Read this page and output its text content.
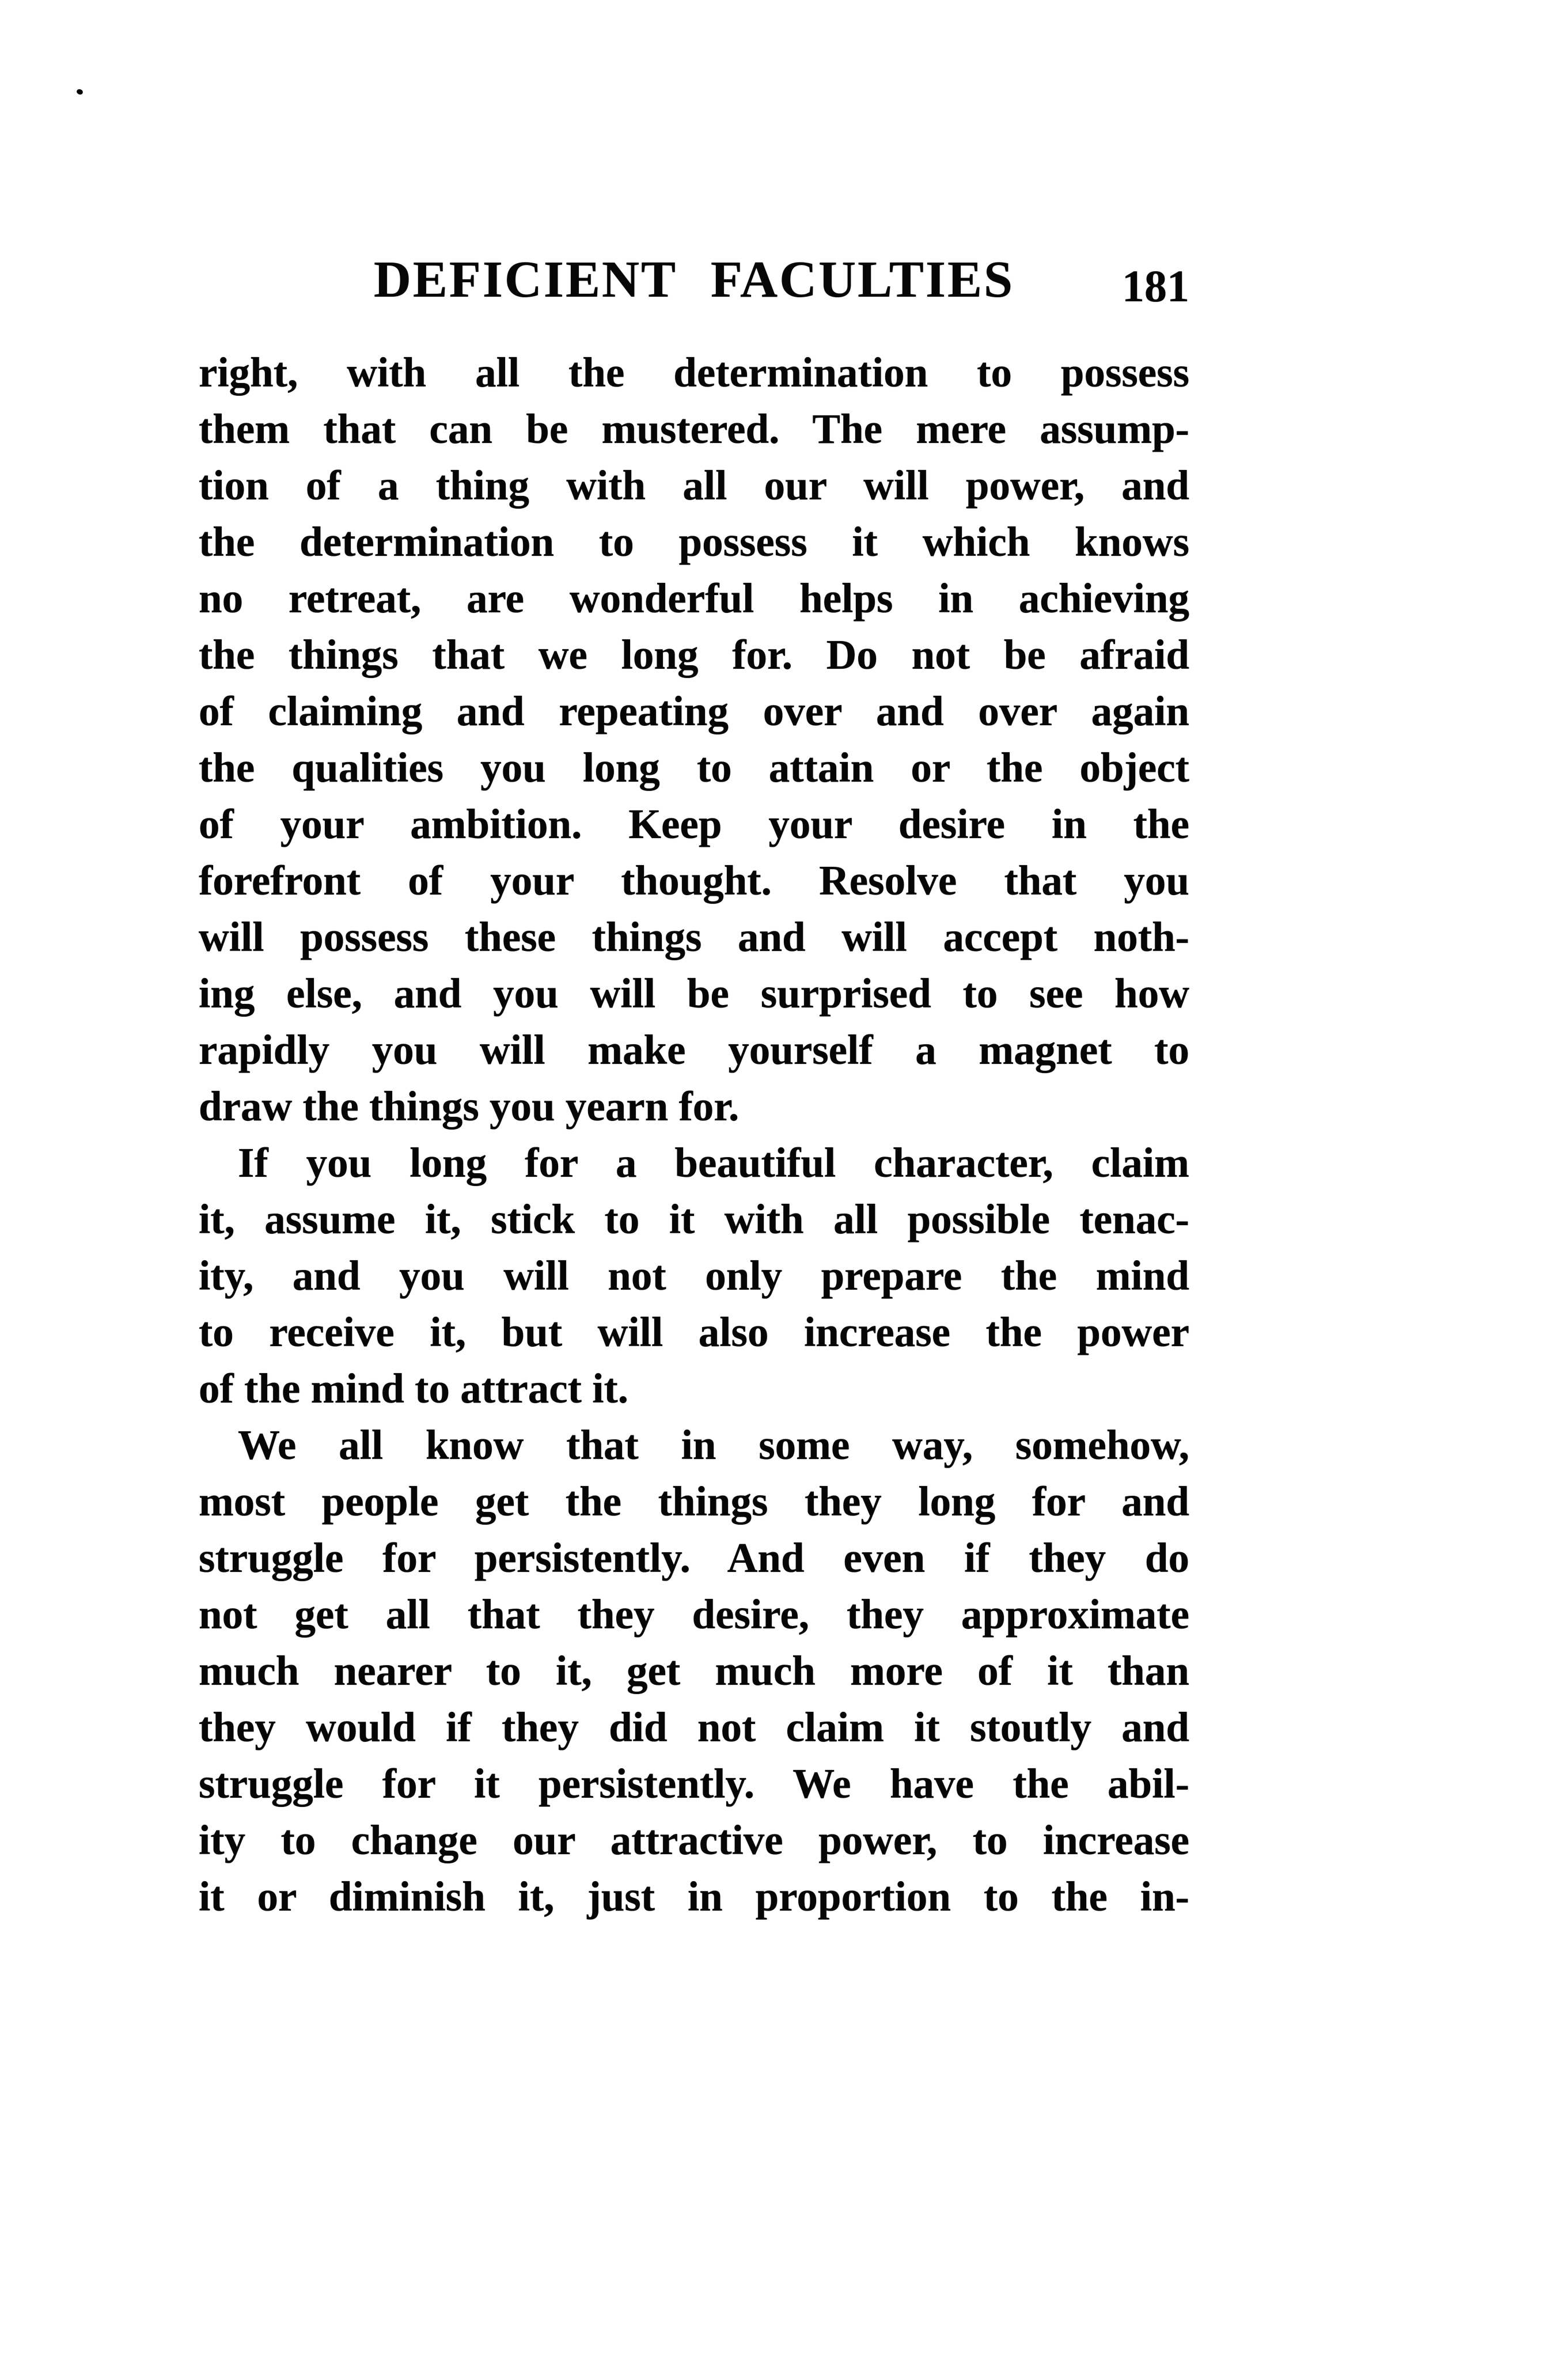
DEFICIENT FACULTIES	181
right, with all the determination to possess
them that can be mustered. The mere assump-
tion of a thing with all our will power, and
the determination to possess it which knows
no retreat, are wonderful helps in achieving
the things that we long for. Do not be afraid
of claiming and repeating over and over again
the qualities you long to attain or the object
of your ambition. Keep your desire in the
forefront of your thought. Resolve that you
will possess these things and will accept noth-
ing else, and you will be surprised to see how
rapidly you will make yourself a magnet to
draw the things you yearn for.
If you long for a beautiful character, claim
it, assume it, stick to it with all possible tenac-
ity, and you will not only prepare the mind
to receive it, but will also increase the power
of the mind to attract it.
We all know that in some way, somehow,
most people get the things they long for and
struggle for persistently. And even if they do
not get all that they desire, they approximate
much nearer to it, get much more of it than
they would if they did not claim it stoutly and
struggle for it persistently. We have the abil-
ity to change our attractive power, to increase
it or diminish it, just in proportion to the in-
